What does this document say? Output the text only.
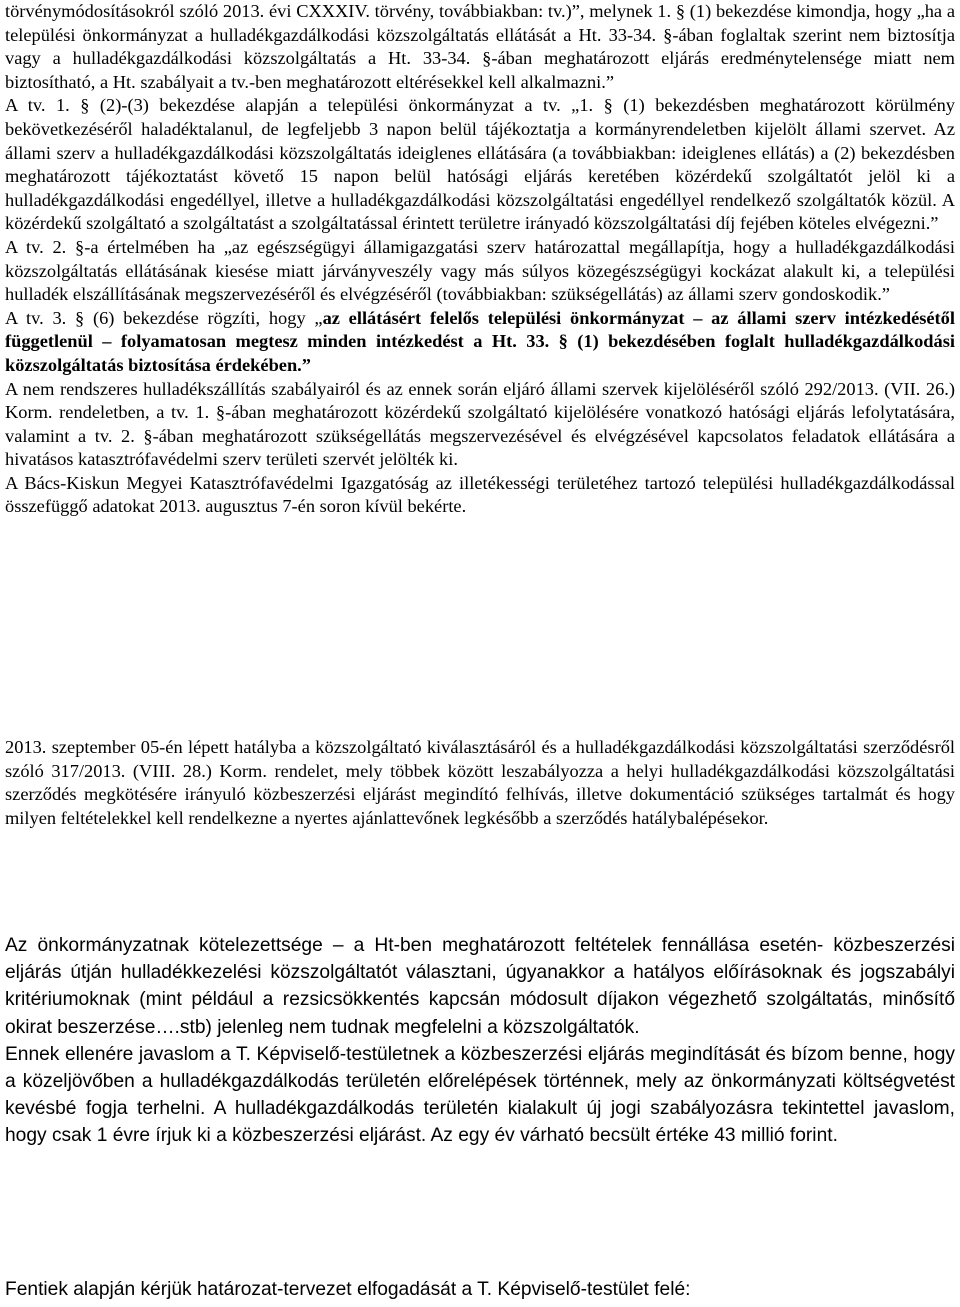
törvénymódosításokról szóló 2013. évi CXXXIV. törvény, továbbiakban: tv.)”, melynek 1. § (1) bekezdése kimondja, hogy „ha a települési önkormányzat a hulladékgazdálkodási közszolgáltatás ellátását a Ht. 33-34. §-ában foglaltak szerint nem biztosítja vagy a hulladékgazdálkodási közszolgáltatás a Ht. 33-34. §-ában meghatározott eljárás eredménytelensége miatt nem biztosítható, a Ht. szabályait a tv.-ben meghatározott eltérésekkel kell alkalmazni.”

A tv. 1. § (2)-(3) bekezdése alapján a települési önkormányzat a tv. „1. § (1) bekezdésben meghatározott körülmény bekövetkezéséről haladéktalanul, de legfeljebb 3 napon belül tájékoztatja a kormányrendeletben kijelölt állami szervet. Az állami szerv a hulladékgazdálkodási közszolgáltatás ideiglenes ellátására (a továbbiakban: ideiglenes ellátás) a (2) bekezdésben meghatározott tájékoztatást követő 15 napon belül hatósági eljárás keretében közérdekű szolgáltatót jelöl ki a hulladékgazdálkodási engedéllyel, illetve a hulladékgazdálkodási közszolgáltatási engedéllyel rendelkező szolgáltatók közül. A közérdekű szolgáltató a szolgáltatást a szolgáltatással érintett területre irányadó közszolgáltatási díj fejében köteles elvégezni.”

A tv. 2. §-a értelmében ha „az egészségügyi államigazgatási szerv határozattal megállapítja, hogy a hulladékgazdálkodási közszolgáltatás ellátásának kiesése miatt járványveszély vagy más súlyos közegészségügyi kockázat alakult ki, a települési hulladék elszállításának megszervezéséről és elvégzéséről (továbbiakban: szükségellátás) az állami szerv gondoskodik.”

A tv. 3. § (6) bekezdése rögzíti, hogy „az ellátásért felelős települési önkormányzat – az állami szerv intézkedésétől függetlenül – folyamatosan megtesz minden intézkedést a Ht. 33. § (1) bekezdésében foglalt hulladékgazdálkodási közszolgáltatás biztosítása érdekében.”

A nem rendszeres hulladékszállítás szabályairól és az ennek során eljáró állami szervek kijelöléséről szóló 292/2013. (VII. 26.) Korm. rendeletben, a tv. 1. §-ában meghatározott közérdekű szolgáltató kijelölésére vonatkozó hatósági eljárás lefolytatására, valamint a tv. 2. §-ában meghatározott szükségellátás megszervezésével és elvégzésével kapcsolatos feladatok ellátására a hivatásos katasztrófavédelmi szerv területi szervét jelölték ki.

A Bács-Kiskun Megyei Katasztrófavédelmi Igazgatóság az illetékességi területéhez tartozó települési hulladékgazdálkodással összefüggő adatokat 2013. augusztus 7-én soron kívül bekérte.

2013. szeptember 05-én lépett hatályba a közszolgáltató kiválasztásáról és a hulladékgazdálkodási közszolgáltatási szerződésről szóló 317/2013. (VIII. 28.) Korm. rendelet, mely többek között leszabályozza a helyi hulladékgazdálkodási közszolgáltatási szerződés megkötésére irányuló közbeszerzési eljárást megindító felhívás, illetve dokumentáció szükséges tartalmát és hogy milyen feltételekkel kell rendelkezne a nyertes ajánlattevőnek legkésőbb a szerződés hatálybalépésekor.

Az önkormányzatnak kötelezettsége – a Ht-ben meghatározott feltételek fennállása esetén- közbeszerzési eljárás útján hulladékkezelési közszolgáltatót választani, úgyanakkor a hatályos előírásoknak és jogszabályi kritériumoknak (mint például a rezsicsökkentés kapcsán módosult díjakon végezhető szolgáltatás, minősítő okirat beszerzése….stb) jelenleg nem tudnak megfelelni a közszolgáltatók.

Ennek ellenére javaslom a T. Képviselő-testületnek a közbeszerzési eljárás megindítását és bízom benne, hogy a közeljövőben a hulladékgazdálkodás területén előrelépések történnek, mely az önkormányzati költségvetést kevésbé fogja terhelni. A hulladékgazdálkodás területén kialakult új jogi szabályozásra tekintettel javaslom, hogy csak 1 évre írjuk ki a közbeszerzési eljárást. Az egy év várható becsült értéke 43 millió forint.

Fentiek alapján kérjük határozat-tervezet elfogadását a T. Képviselő-testület felé:
